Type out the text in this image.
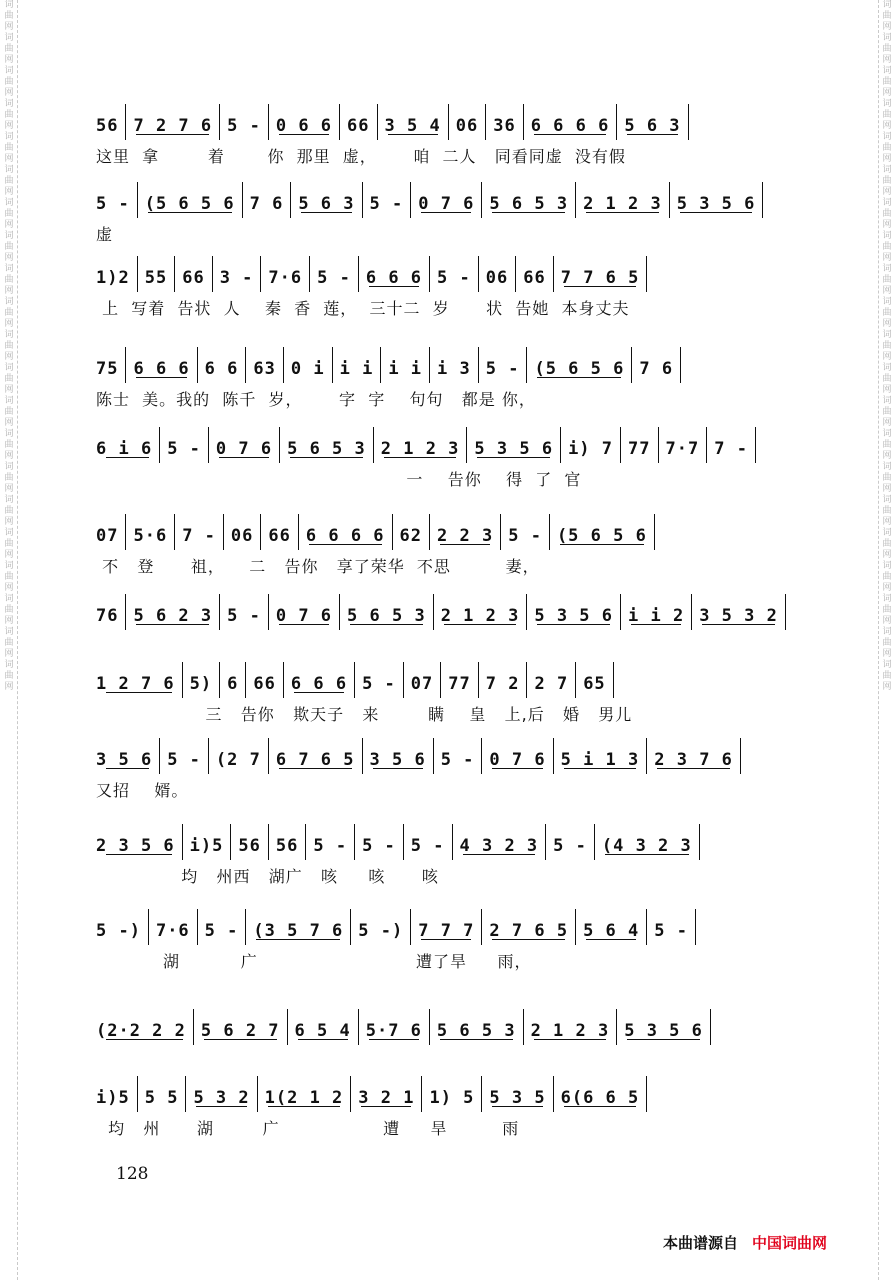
词
曲
网
词
曲
网
词
曲
网
词
曲
网
词
曲
网
词
曲
网
词
曲
网
词
曲
网
词
曲
网
词
曲
网
词
曲
网
词
曲
网
词
曲
网
词
曲
网
词
曲
网
词
曲
网
词
曲
网
词
曲
网
词
曲
网
词
曲
网
词
曲
网
词
曲
网
词
曲
网
词
曲
网
词
曲
网
词
曲
网
词
曲
网
词
曲
网
词
曲
网
词
曲
网
词
曲
网
词
曲
网
词
曲
网
词
曲
网
词
曲
网
词
曲
网
词
曲
网
词
曲
网
词
曲
网
词
曲
网
词
曲
网
词
曲
网
56 7 2 7 6 5 - 0 6 6 66 3 5 4 06 36 6 6 6 6 5 6 3
这里  拿        着       你  那里  虚，      咱  二人   同看同虚  没有假
5 - (5 6 5 6 7 6 5 6 3 5 - 0 7 6 5 6 5 3 2 1 2 3 5 3 5 6
虚
1)2 55 66 3 - 7·6 5 - 6 6 6 5 - 06 66 7 7 6 5
上  写着  告状  人    秦  香  莲，  三十二  岁      状  告她  本身丈夫
75 6 6 6 6 6 63 0 i i i i i i 3 5 - (5 6 5 6 7 6
陈士  美。我的  陈千  岁，      字  字    句句   都是 你，
6 i 6 5 - 0 7 6 5 6 5 3 2 1 2 3 5 3 5 6 i) 7 77 7·7 7 -
一    告你    得  了  官
07 5·6 7 - 06 66 6 6 6 6 62 2 2 3 5 - (5 6 5 6
不   登      祖，    二   告你   享了荣华  不思         妻，
76 5 6 2 3 5 - 0 7 6 5 6 5 3 2 1 2 3 5 3 5 6 i i 2 3 5 3 2
1 2 7 6 5) 6 66 6 6 6 5 - 07 77 7 2 2 7 65
三   告你   欺天子   来        瞒    皇   上,后   婚   男儿
3 5 6 5 - (2 7 6 7 6 5 3 5 6 5 - 0 7 6 5 i 1 3 2 3 7 6
又招    婿。
2 3 5 6 i)5 56 56 5 - 5 - 5 - 4 3 2 3 5 - (4 3 2 3
均   州西   湖广   咳     咳      咳
5 -) 7·6 5 - (3 5 7 6 5 -) 7 7 7 2 7 6 5 5 6 4 5 -
湖          广                          遭了旱     雨，
(2·2 2 2 5 6 2 7 6 5 4 5·7 6 5 6 5 3 2 1 2 3 5 3 5 6
i)5 5 5 5 3 2 1(2 1 2 3 2 1 1) 5 5 3 5 6(6 6 5
均   州      湖        广                 遭     旱         雨
128
本曲谱源自 中国词曲网
